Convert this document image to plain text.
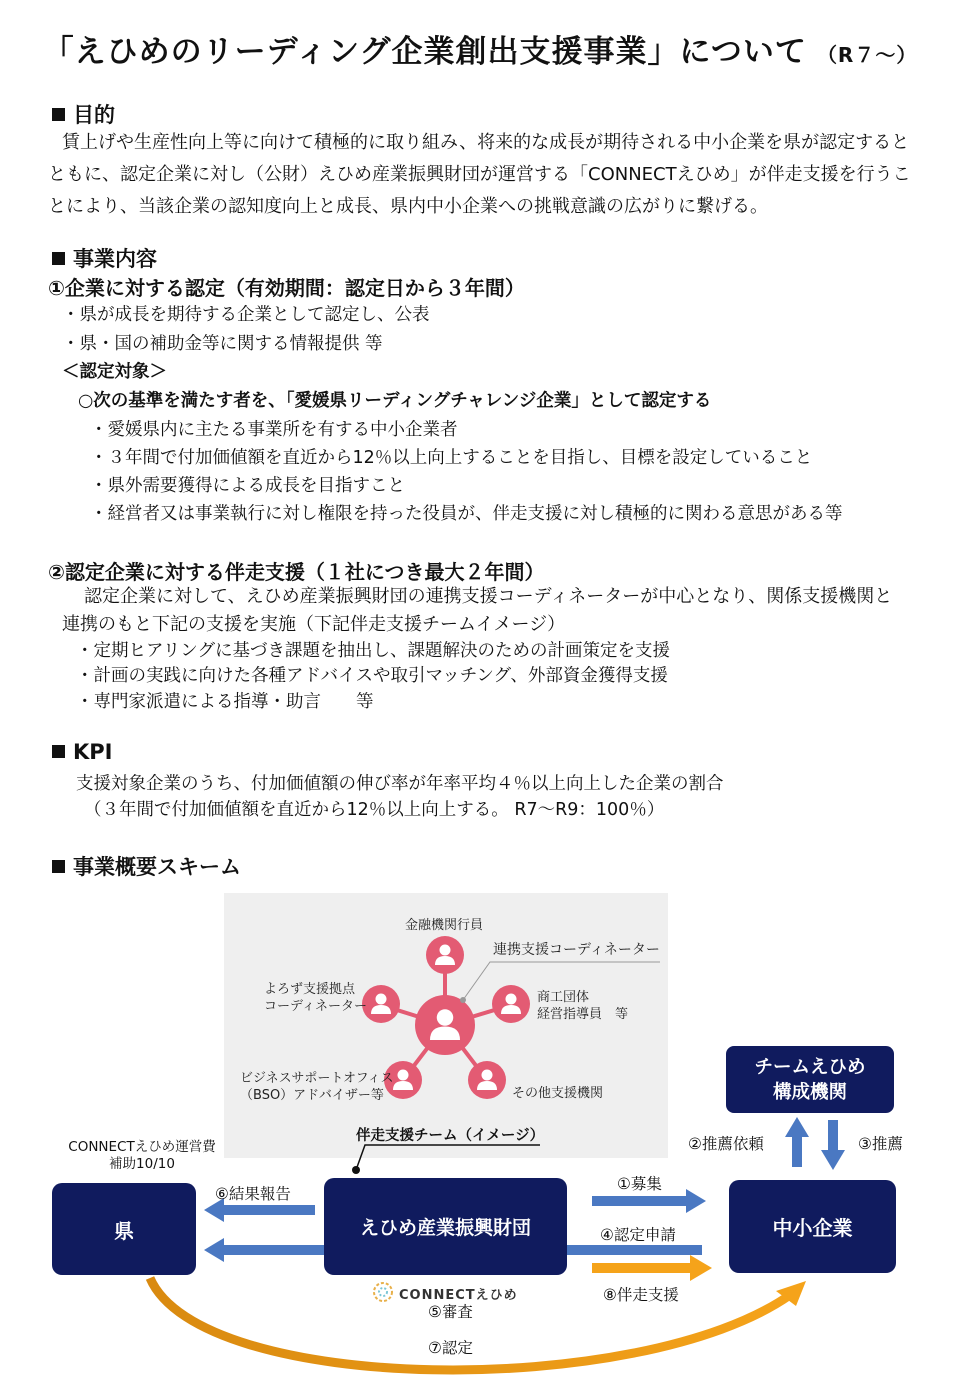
「えひめのリーディング企業創出支援事業」について （R７～）
目的
賃上げや生産性向上等に向けて積極的に取り組み、将来的な成長が期待される中小企業を県が認定するとともに、認定企業に対し（公財）えひめ産業振興財団が運営する「CONNECTえひめ」が伴走支援を行うことにより、当該企業の認知度向上と成長、県内中小企業への挑戦意識の広がりに繋げる。
事業内容
①企業に対する認定（有効期間：認定日から３年間）
・県が成長を期待する企業として認定し、公表
・県・国の補助金等に関する情報提供 等
＜認定対象＞
○次の基準を満たす者を、「愛媛県リーディングチャレンジ企業」として認定する
・愛媛県内に主たる事業所を有する中小企業者
・３年間で付加価値額を直近から12％以上向上することを目指し、目標を設定していること
・県外需要獲得による成長を目指すこと
・経営者又は事業執行に対し権限を持った役員が、伴走支援に対し積極的に関わる意思がある等
②認定企業に対する伴走支援（１社につき最大２年間）
認定企業に対して、えひめ産業振興財団の連携支援コーディネーターが中心となり、関係支援機関と連携のもと下記の支援を実施（下記伴走支援チームイメージ）
・定期ヒアリングに基づき課題を抽出し、課題解決のための計画策定を支援
・計画の実践に向けた各種アドバイスや取引マッチング、外部資金獲得支援
・専門家派遣による指導・助言　　等
KPI
支援対象企業のうち、付加価値額の伸び率が年率平均４％以上向上した企業の割合
（３年間で付加価値額を直近から12％以上向上する。 R7～R9：100％）
事業概要スキーム
金融機関行員
連携支援コーディネーター
よろず支援拠点
コーディネーター
商工団体
経営指導員　等
ビジネスサポートオフィス
（BSO）アドバイザー等	その他支援機関
伴走支援チーム（イメージ）
CONNECTえひめ運営費
補助10/10
県	えひめ産業振興財団	中小企業
チームえひめ
構成機関
⑥結果報告
①募集
④認定申請
⑧伴走支援
②推薦依頼	③推薦
⑤審査
⑦認定
CONNECTえひめ
